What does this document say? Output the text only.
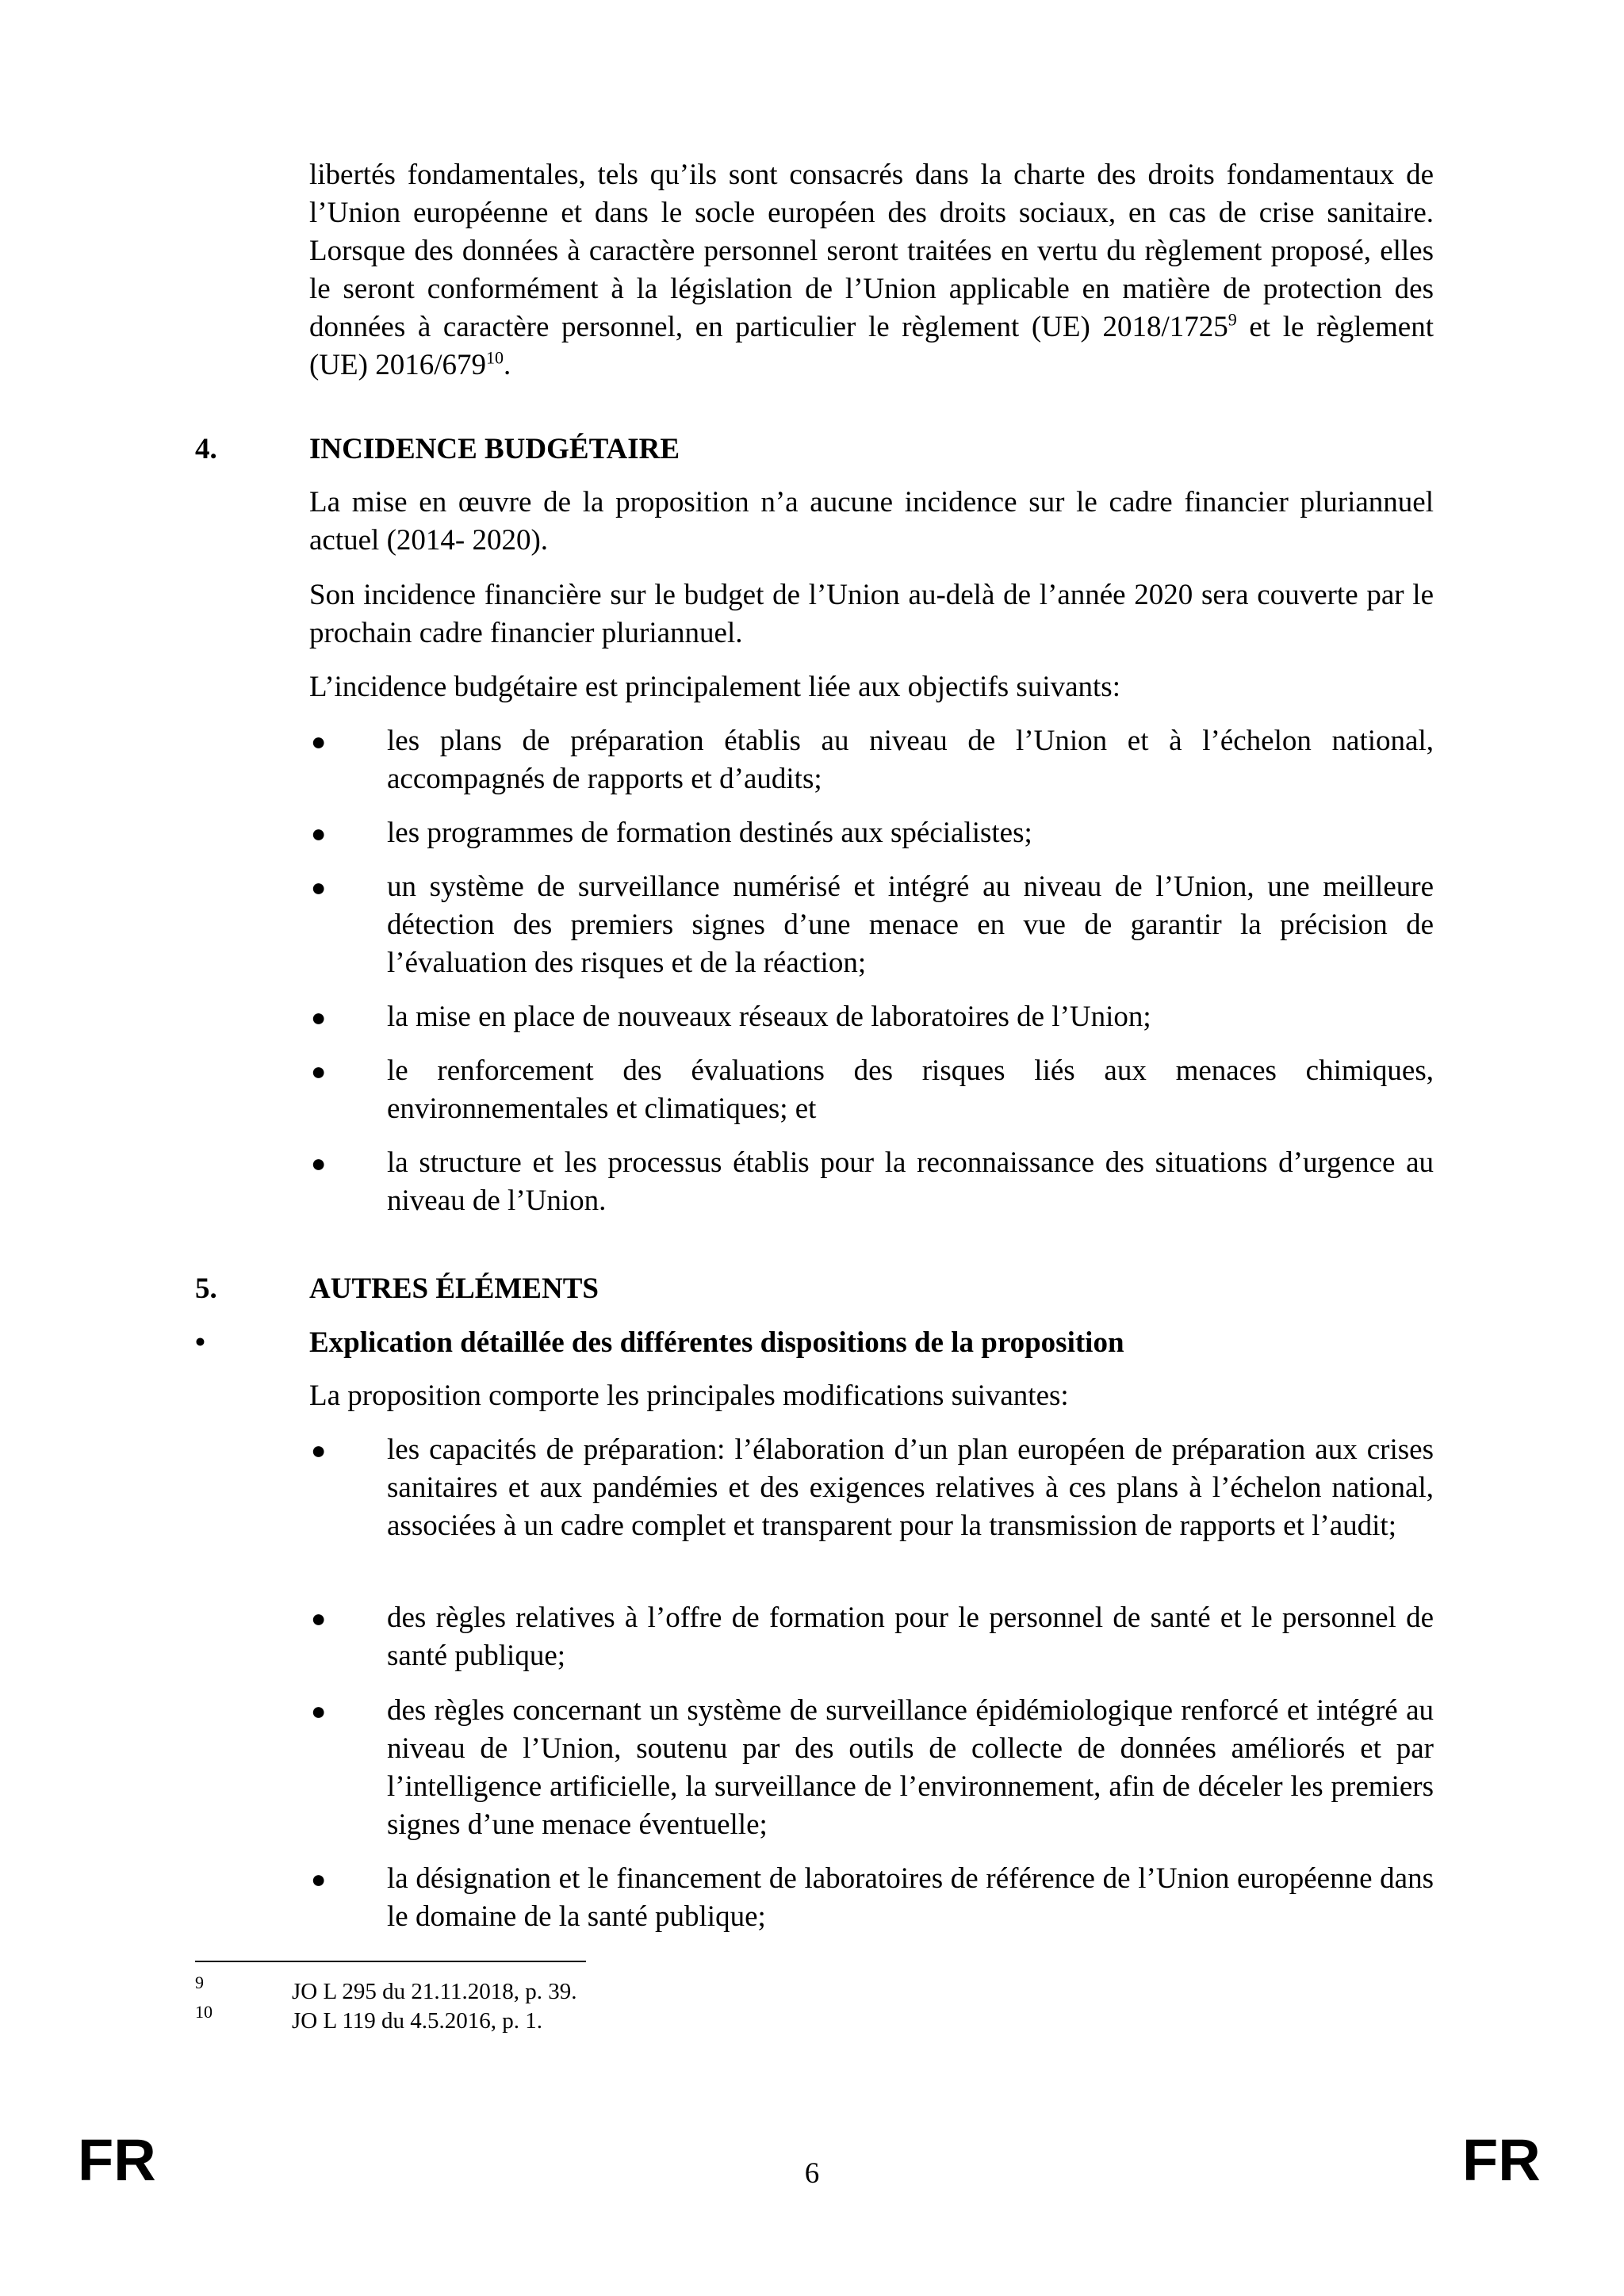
libertés fondamentales, tels qu’ils sont consacrés dans la charte des droits fondamentaux de l’Union européenne et dans le socle européen des droits sociaux, en cas de crise sanitaire. Lorsque des données à caractère personnel seront traitées en vertu du règlement proposé, elles le seront conformément à la législation de l’Union applicable en matière de protection des données à caractère personnel, en particulier le règlement (UE) 2018/1725$^9$ et le règlement (UE) $2016/679^{10}$.

4.	INCIDENCE BUDGÉTAIRE

La mise en œuvre de la proposition n’a aucune incidence sur le cadre financier pluriannuel actuel (2014- 2020).

Son incidence financière sur le budget de l’Union au-delà de l’année 2020 sera couverte par le prochain cadre financier pluriannuel.

L’incidence budgétaire est principalement liée aux objectifs suivants:

● les plans de préparation établis au niveau de l’Union et à l’échelon national, accompagnés de rapports et d’audits;

● les programmes de formation destinés aux spécialistes;

● un système de surveillance numérisé et intégré au niveau de l’Union, une meilleure détection des premiers signes d’une menace en vue de garantir la précision de l’évaluation des risques et de la réaction;

● la mise en place de nouveaux réseaux de laboratoires de l’Union;

● le renforcement des évaluations des risques liés aux menaces chimiques, environnementales et climatiques; et

● la structure et les processus établis pour la reconnaissance des situations d’urgence au niveau de l’Union.

5.	AUTRES ÉLÉMENTS
•	Explication détaillée des différentes dispositions de la proposition

La proposition comporte les principales modifications suivantes:

● les capacités de préparation: l’élaboration d’un plan européen de préparation aux crises sanitaires et aux pandémies et des exigences relatives à ces plans à l’échelon national, associées à un cadre complet et transparent pour la transmission de rapports et l’audit;

● des règles relatives à l’offre de formation pour le personnel de santé et le personnel de santé publique;

● des règles concernant un système de surveillance épidémiologique renforcé et intégré au niveau de l’Union, soutenu par des outils de collecte de données améliorés et par l’intelligence artificielle, la surveillance de l’environnement, afin de déceler les premiers signes d’une menace éventuelle;

● la désignation et le financement de laboratoires de référence de l’Union européenne dans le domaine de la santé publique;

9	JO L 295 du 21.11.2018, p. 39.
10	JO L 119 du 4.5.2016, p. 1.
FR	6	FR
